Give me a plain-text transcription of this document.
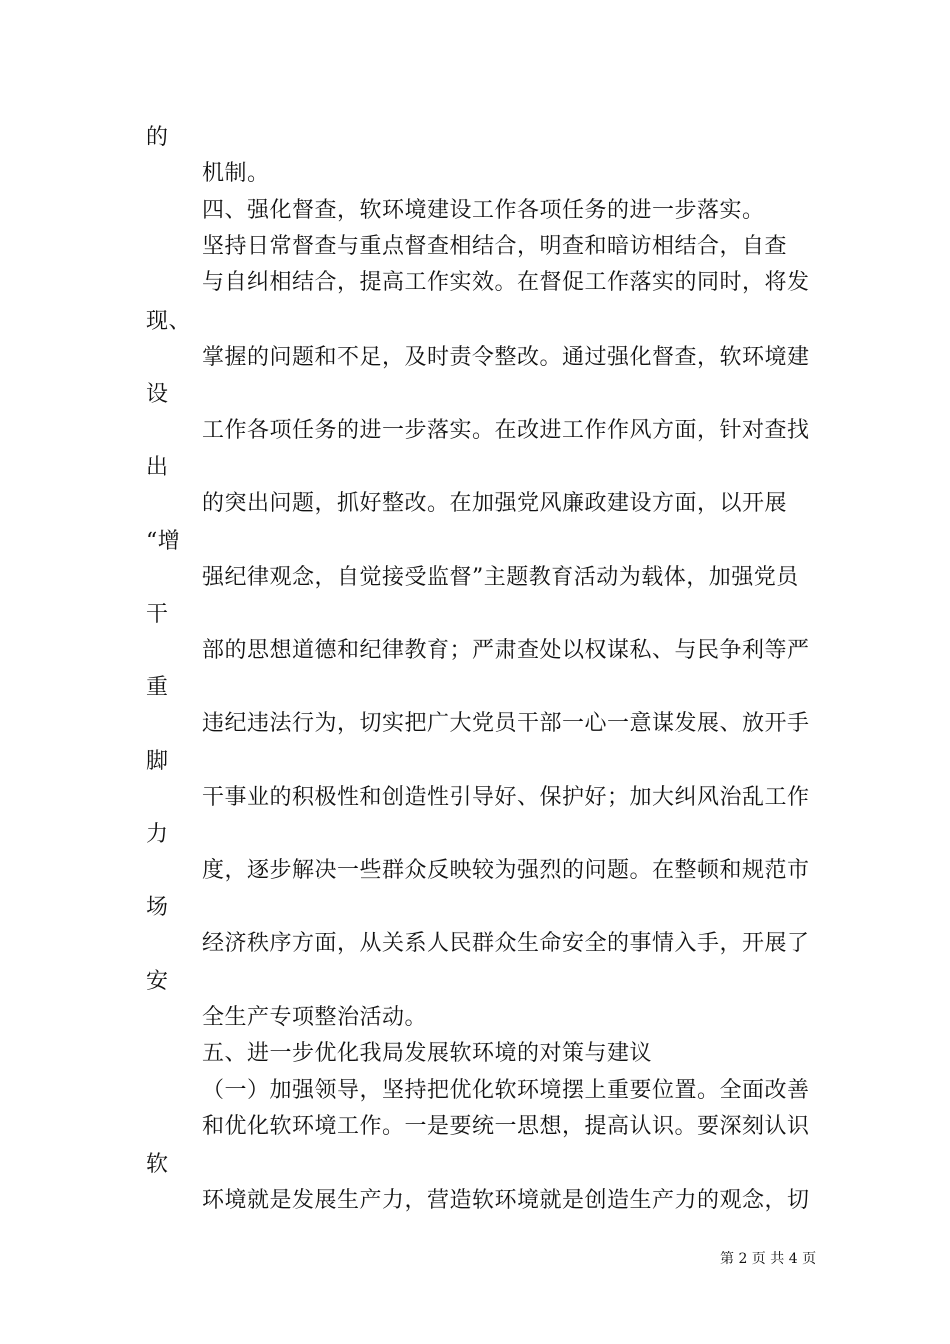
的
机制。
四、强化督查，软环境建设工作各项任务的进一步落实。
坚持日常督查与重点督查相结合，明查和暗访相结合，自查
与自纠相结合，提高工作实效。在督促工作落实的同时，将发
现、
掌握的问题和不足，及时责令整改。通过强化督查，软环境建
设
工作各项任务的进一步落实。在改进工作作风方面，针对查找
出
的突出问题，抓好整改。在加强党风廉政建设方面，以开展
“增
强纪律观念，自觉接受监督”主题教育活动为载体，加强党员
干
部的思想道德和纪律教育；严肃查处以权谋私、与民争利等严
重
违纪违法行为，切实把广大党员干部一心一意谋发展、放开手
脚
干事业的积极性和创造性引导好、保护好；加大纠风治乱工作
力
度，逐步解决一些群众反映较为强烈的问题。在整顿和规范市
场
经济秩序方面，从关系人民群众生命安全的事情入手，开展了
安
全生产专项整治活动。
五、进一步优化我局发展软环境的对策与建议
（一）加强领导，坚持把优化软环境摆上重要位置。全面改善
和优化软环境工作。一是要统一思想，提高认识。要深刻认识
软
环境就是发展生产力，营造软环境就是创造生产力的观念，切
第 2 页 共 4 页
